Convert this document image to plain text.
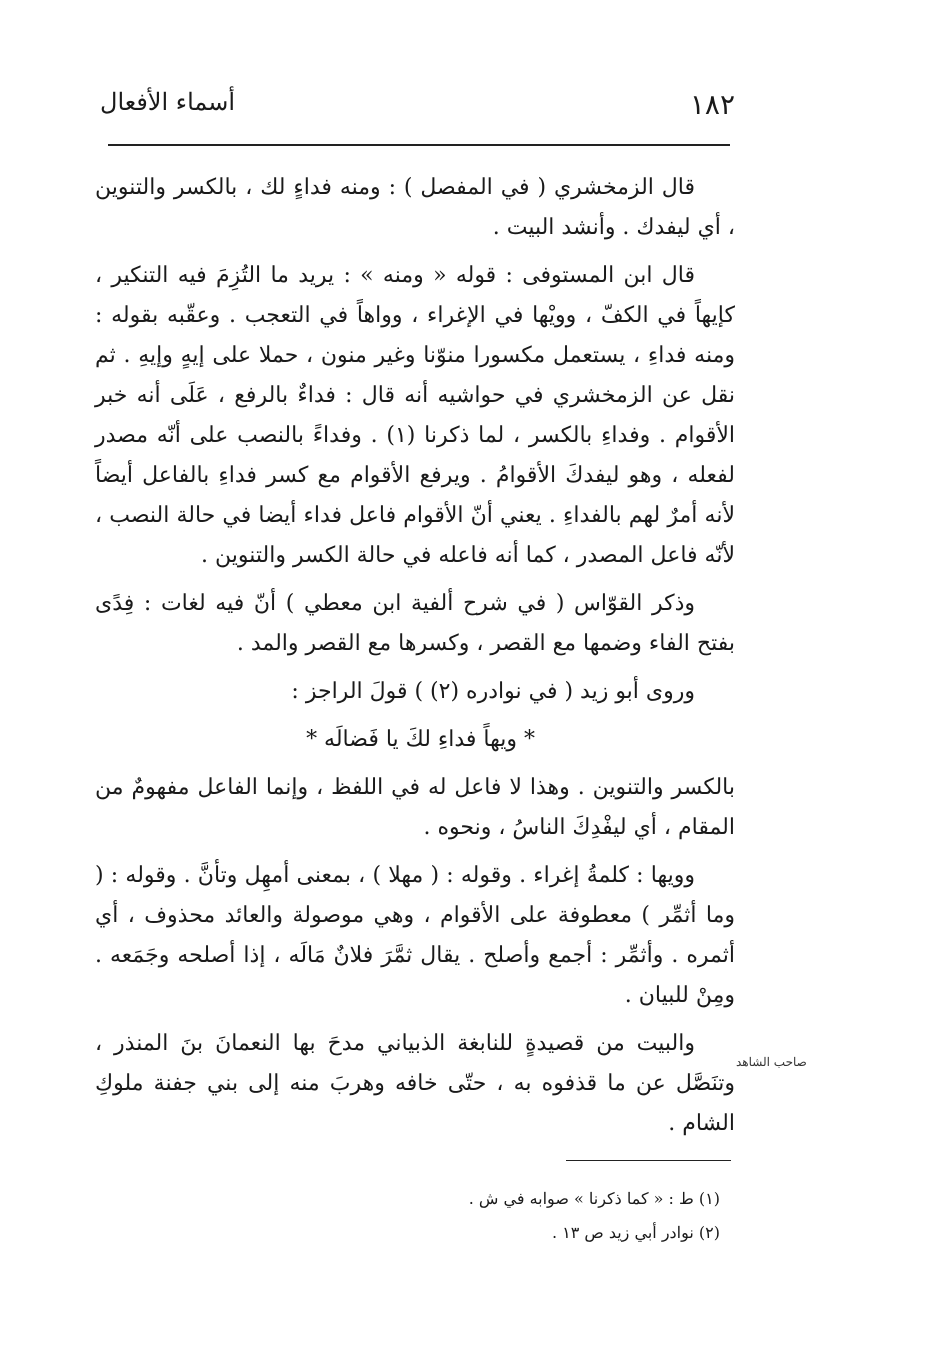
١٨٢
أسماء الأفعال

قال الزمخشري ( في المفصل ) : ومنه فداءٍ لك ، بالكسر والتنوين ، أي ليفدك . وأنشد البيت .

قال ابن المستوفى : قوله « ومنه » : يريد ما التُزِمَ فيه التنكير ، كإيهاً في الكفّ ، وويْها في الإغراء ، وواهاً في التعجب . وعقّبه بقوله : ومنه فداءِ ، يستعمل مكسورا منوّنا وغير منون ، حملا على إيهٍ وإيهِ . ثم نقل عن الزمخشري في حواشيه أنه قال : فداءٌ بالرفع ، عَلَى أنه خبر الأقوام . وفداءِ بالكسر ، لما ذكرنا (١) . وفداءً بالنصب على أنّه مصدر لفعله ، وهو ليفدكَ الأقوامُ . ويرفع الأقوام مع كسر فداءِ بالفاعل أيضاً لأنه أمرٌ لهم بالفداءِ . يعني أنّ الأقوام فاعل فداء أيضا في حالة النصب ، لأنّه فاعل المصدر ، كما أنه فاعله في حالة الكسر والتنوين .

وذكر القوّاس ( في شرح ألفية ابن معطي ) أنّ فيه لغات : فِدًى بفتح الفاء وضمها مع القصر ، وكسرها مع القصر والمد .

وروى أبو زيد ( في نوادره (٢) ) قولَ الراجز :

* ويهاً فداءِ لكَ يا فَضالَه *

بالكسر والتنوين . وهذا لا فاعل له في اللفظ ، وإنما الفاعل مفهومٌ من المقام ، أي ليفْدِكَ الناسُ ، ونحوه .

وويها : كلمةُ إغراء . وقوله : ( مهلا ) ، بمعنى أمهِل وتأنَّ . وقوله : ( وما أثمِّر ) معطوفة على الأقوام ، وهي موصولة والعائد محذوف ، أي أثمره . وأثمِّر : أجمع وأصلح . يقال ثمَّرَ فلانٌ مَالَه ، إذا أصلحه وجَمَعه . ومِنْ للبيان .

والبيت من قصيدةٍ للنابغة الذبياني مدحَ بها النعمانَ بنَ المنذر ، وتنَصَّل عن ما قذفوه به ، حتّى خافه وهربَ منه إلى بني جفنة ملوكِ الشام .

صاحب الشاهد

(١) ط : « كما ذكرنا » صوابه في ش .

(٢) نوادر أبي زيد ص ١٣ .
